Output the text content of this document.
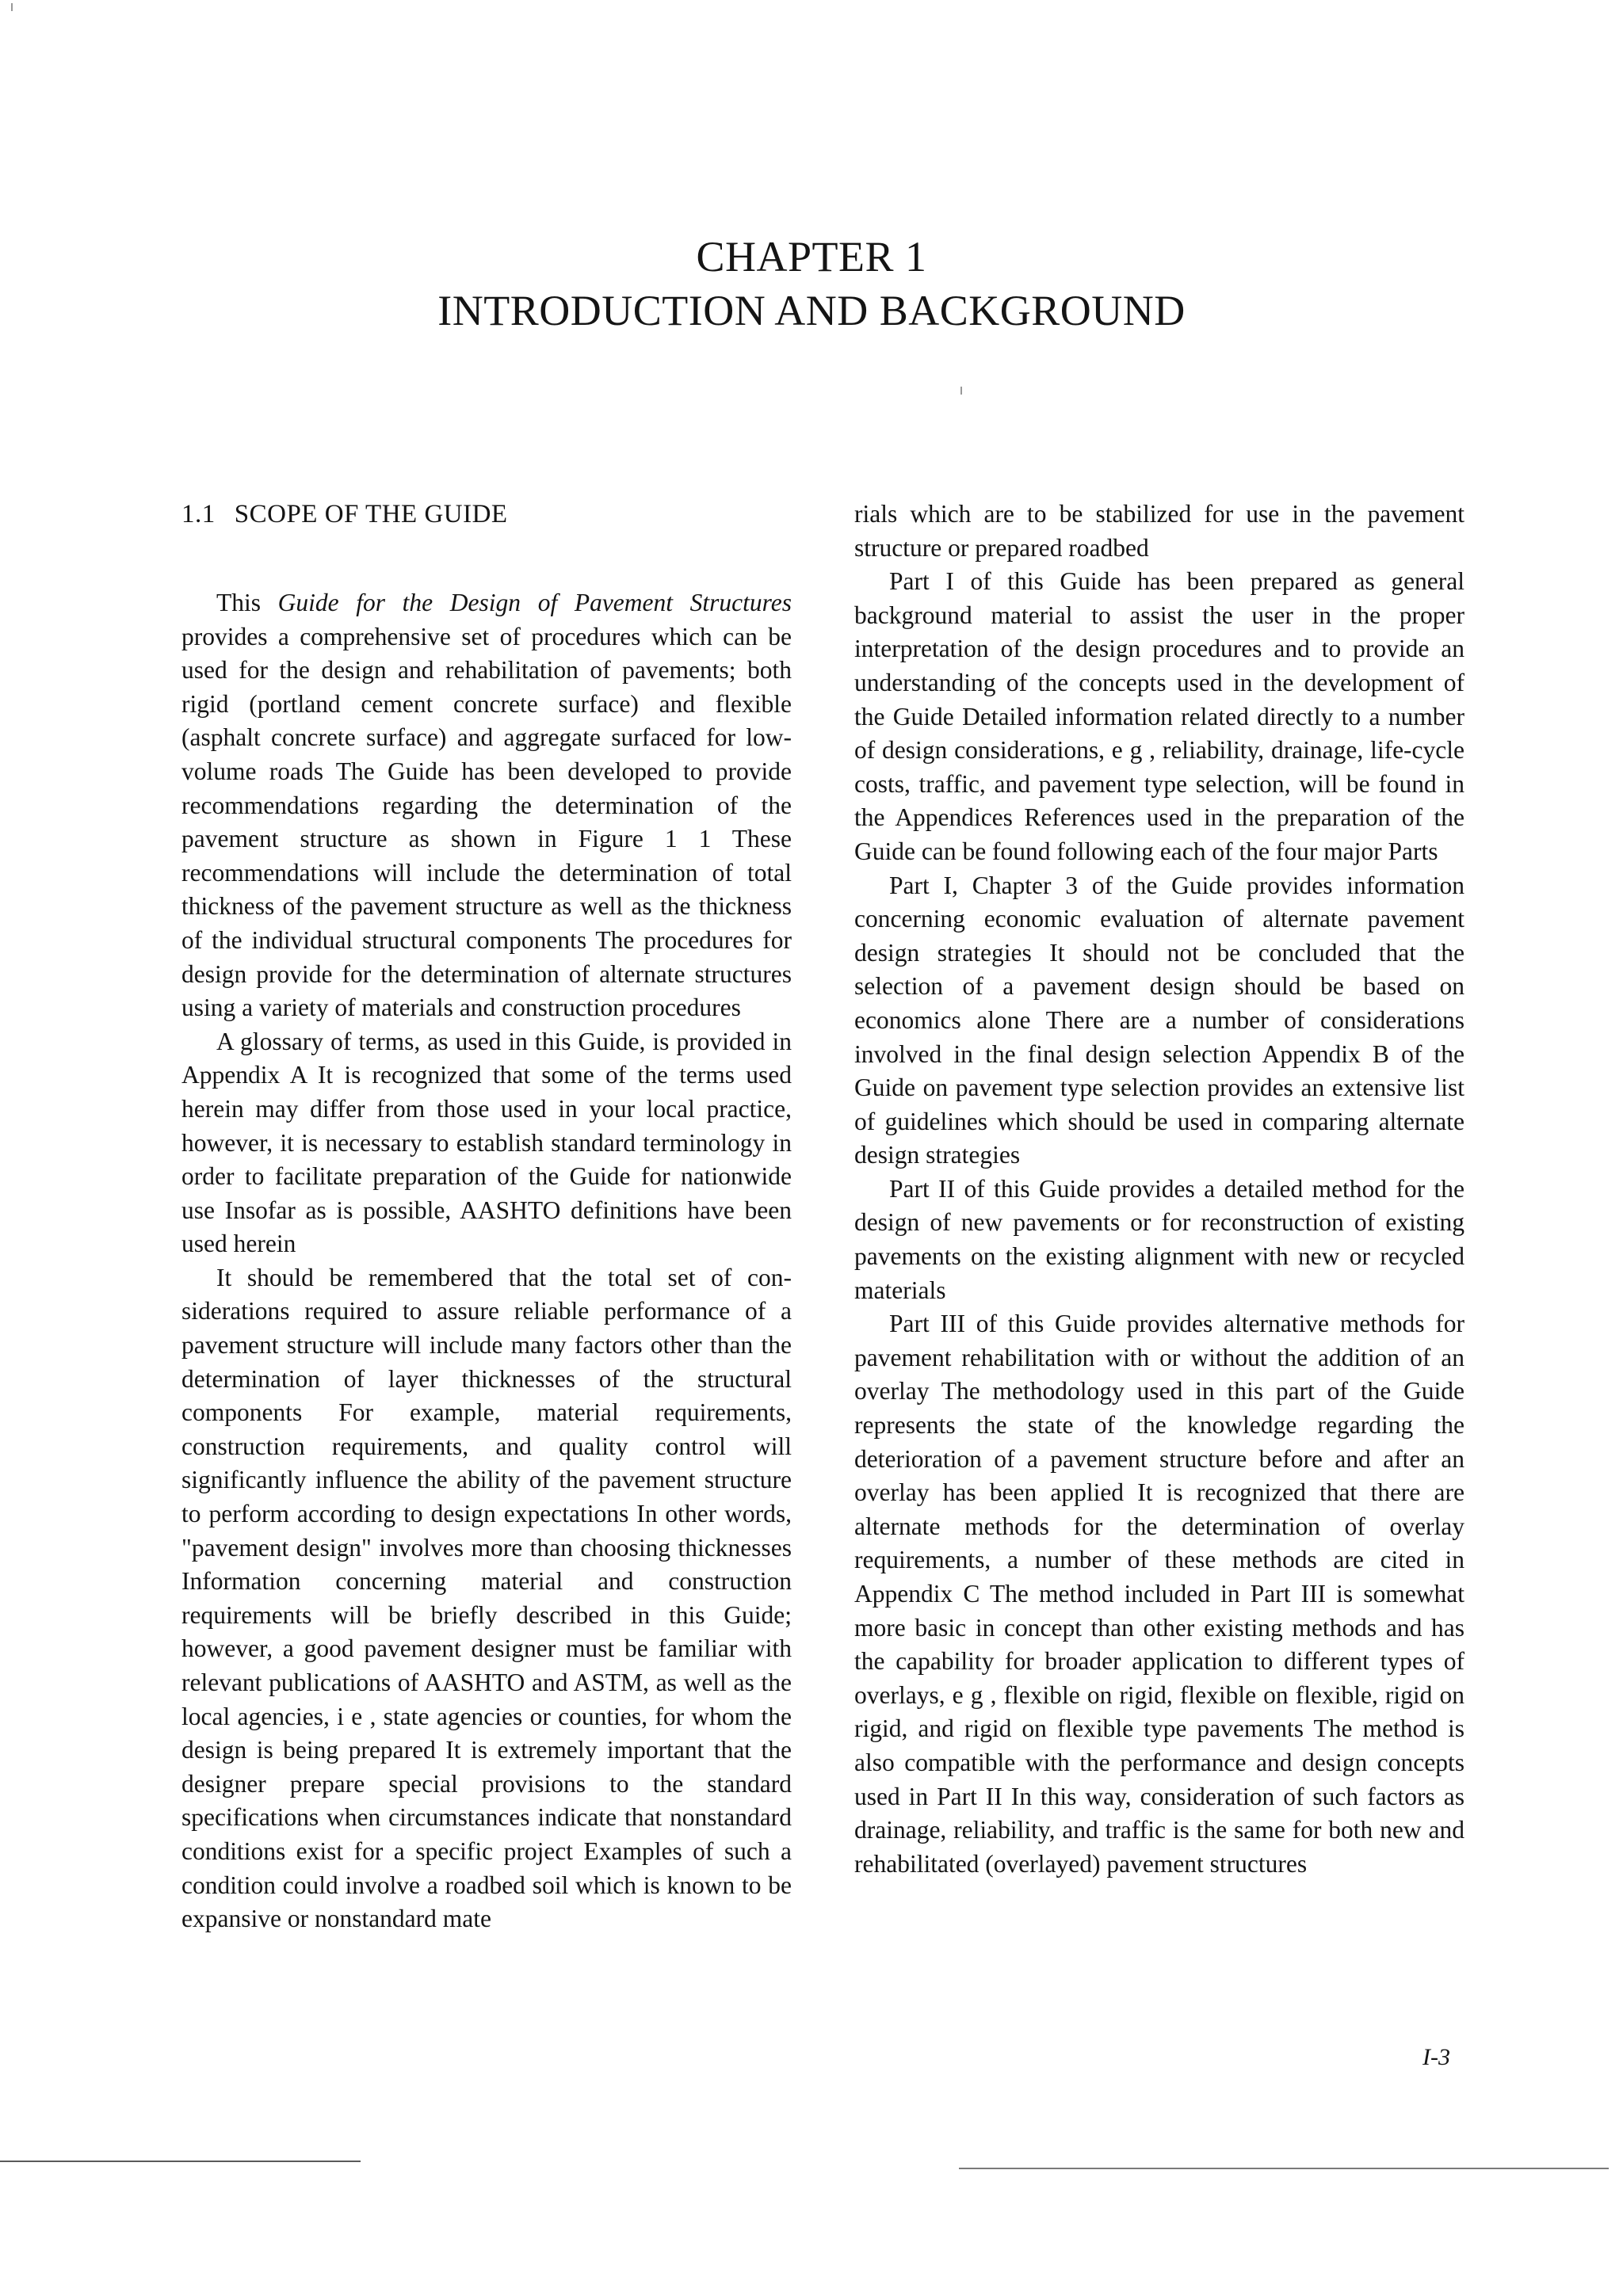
CHAPTER 1
INTRODUCTION AND BACKGROUND
1.1 SCOPE OF THE GUIDE

This Guide for the Design of Pavement Structures provides a comprehensive set of procedures which can be used for the design and rehabilitation of pavements; both rigid (portland cement concrete surface) and flexible (asphalt concrete surface) and aggregate surfaced for low-volume roads The Guide has been developed to provide recommendations regarding the determination of the pavement structure as shown in Figure 1 1 These recommendations will include the determination of total thickness of the pavement structure as well as the thickness of the individual structural components The procedures for design provide for the determination of alternate structures using a variety of materials and construction procedures

A glossary of terms, as used in this Guide, is provided in Appendix A It is recognized that some of the terms used herein may differ from those used in your local practice, however, it is necessary to establish standard terminology in order to facilitate preparation of the Guide for nationwide use Insofar as is possible, AASHTO definitions have been used herein

It should be remembered that the total set of considerations required to assure reliable performance of a pavement structure will include many factors other than the determination of layer thicknesses of the structural components For example, material requirements, construction requirements, and quality control will significantly influence the ability of the pavement structure to perform according to design expectations In other words, "pavement design" involves more than choosing thicknesses Information concerning material and construction requirements will be briefly described in this Guide; however, a good pavement designer must be familiar with relevant publications of AASHTO and ASTM, as well as the local agencies, i e , state agencies or counties, for whom the design is being prepared It is extremely important that the designer prepare special provisions to the standard specifications when circumstances indicate that nonstandard conditions exist for a specific project Examples of such a condition could involve a roadbed soil which is known to be expansive or nonstandard mate

rials which are to be stabilized for use in the pavement structure or prepared roadbed

Part I of this Guide has been prepared as general background material to assist the user in the proper interpretation of the design procedures and to provide an understanding of the concepts used in the development of the Guide Detailed information related directly to a number of design considerations, e g , reliability, drainage, life-cycle costs, traffic, and pavement type selection, will be found in the Appendices References used in the preparation of the Guide can be found following each of the four major Parts

Part I, Chapter 3 of the Guide provides information concerning economic evaluation of alternate pavement design strategies It should not be concluded that the selection of a pavement design should be based on economics alone There are a number of considerations involved in the final design selection Appendix B of the Guide on pavement type selection provides an extensive list of guidelines which should be used in comparing alternate design strategies

Part II of this Guide provides a detailed method for the design of new pavements or for reconstruction of existing pavements on the existing alignment with new or recycled materials

Part III of this Guide provides alternative methods for pavement rehabilitation with or without the addition of an overlay The methodology used in this part of the Guide represents the state of the knowledge regarding the deterioration of a pavement structure before and after an overlay has been applied It is recognized that there are alternate methods for the determination of overlay requirements, a number of these methods are cited in Appendix C The method included in Part III is somewhat more basic in concept than other existing methods and has the capability for broader application to different types of overlays, e g , flexible on rigid, flexible on flexible, rigid on rigid, and rigid on flexible type pavements The method is also compatible with the performance and design concepts used in Part II In this way, consideration of such factors as drainage, reliability, and traffic is the same for both new and rehabilitated (overlayed) pavement structures

I-3
